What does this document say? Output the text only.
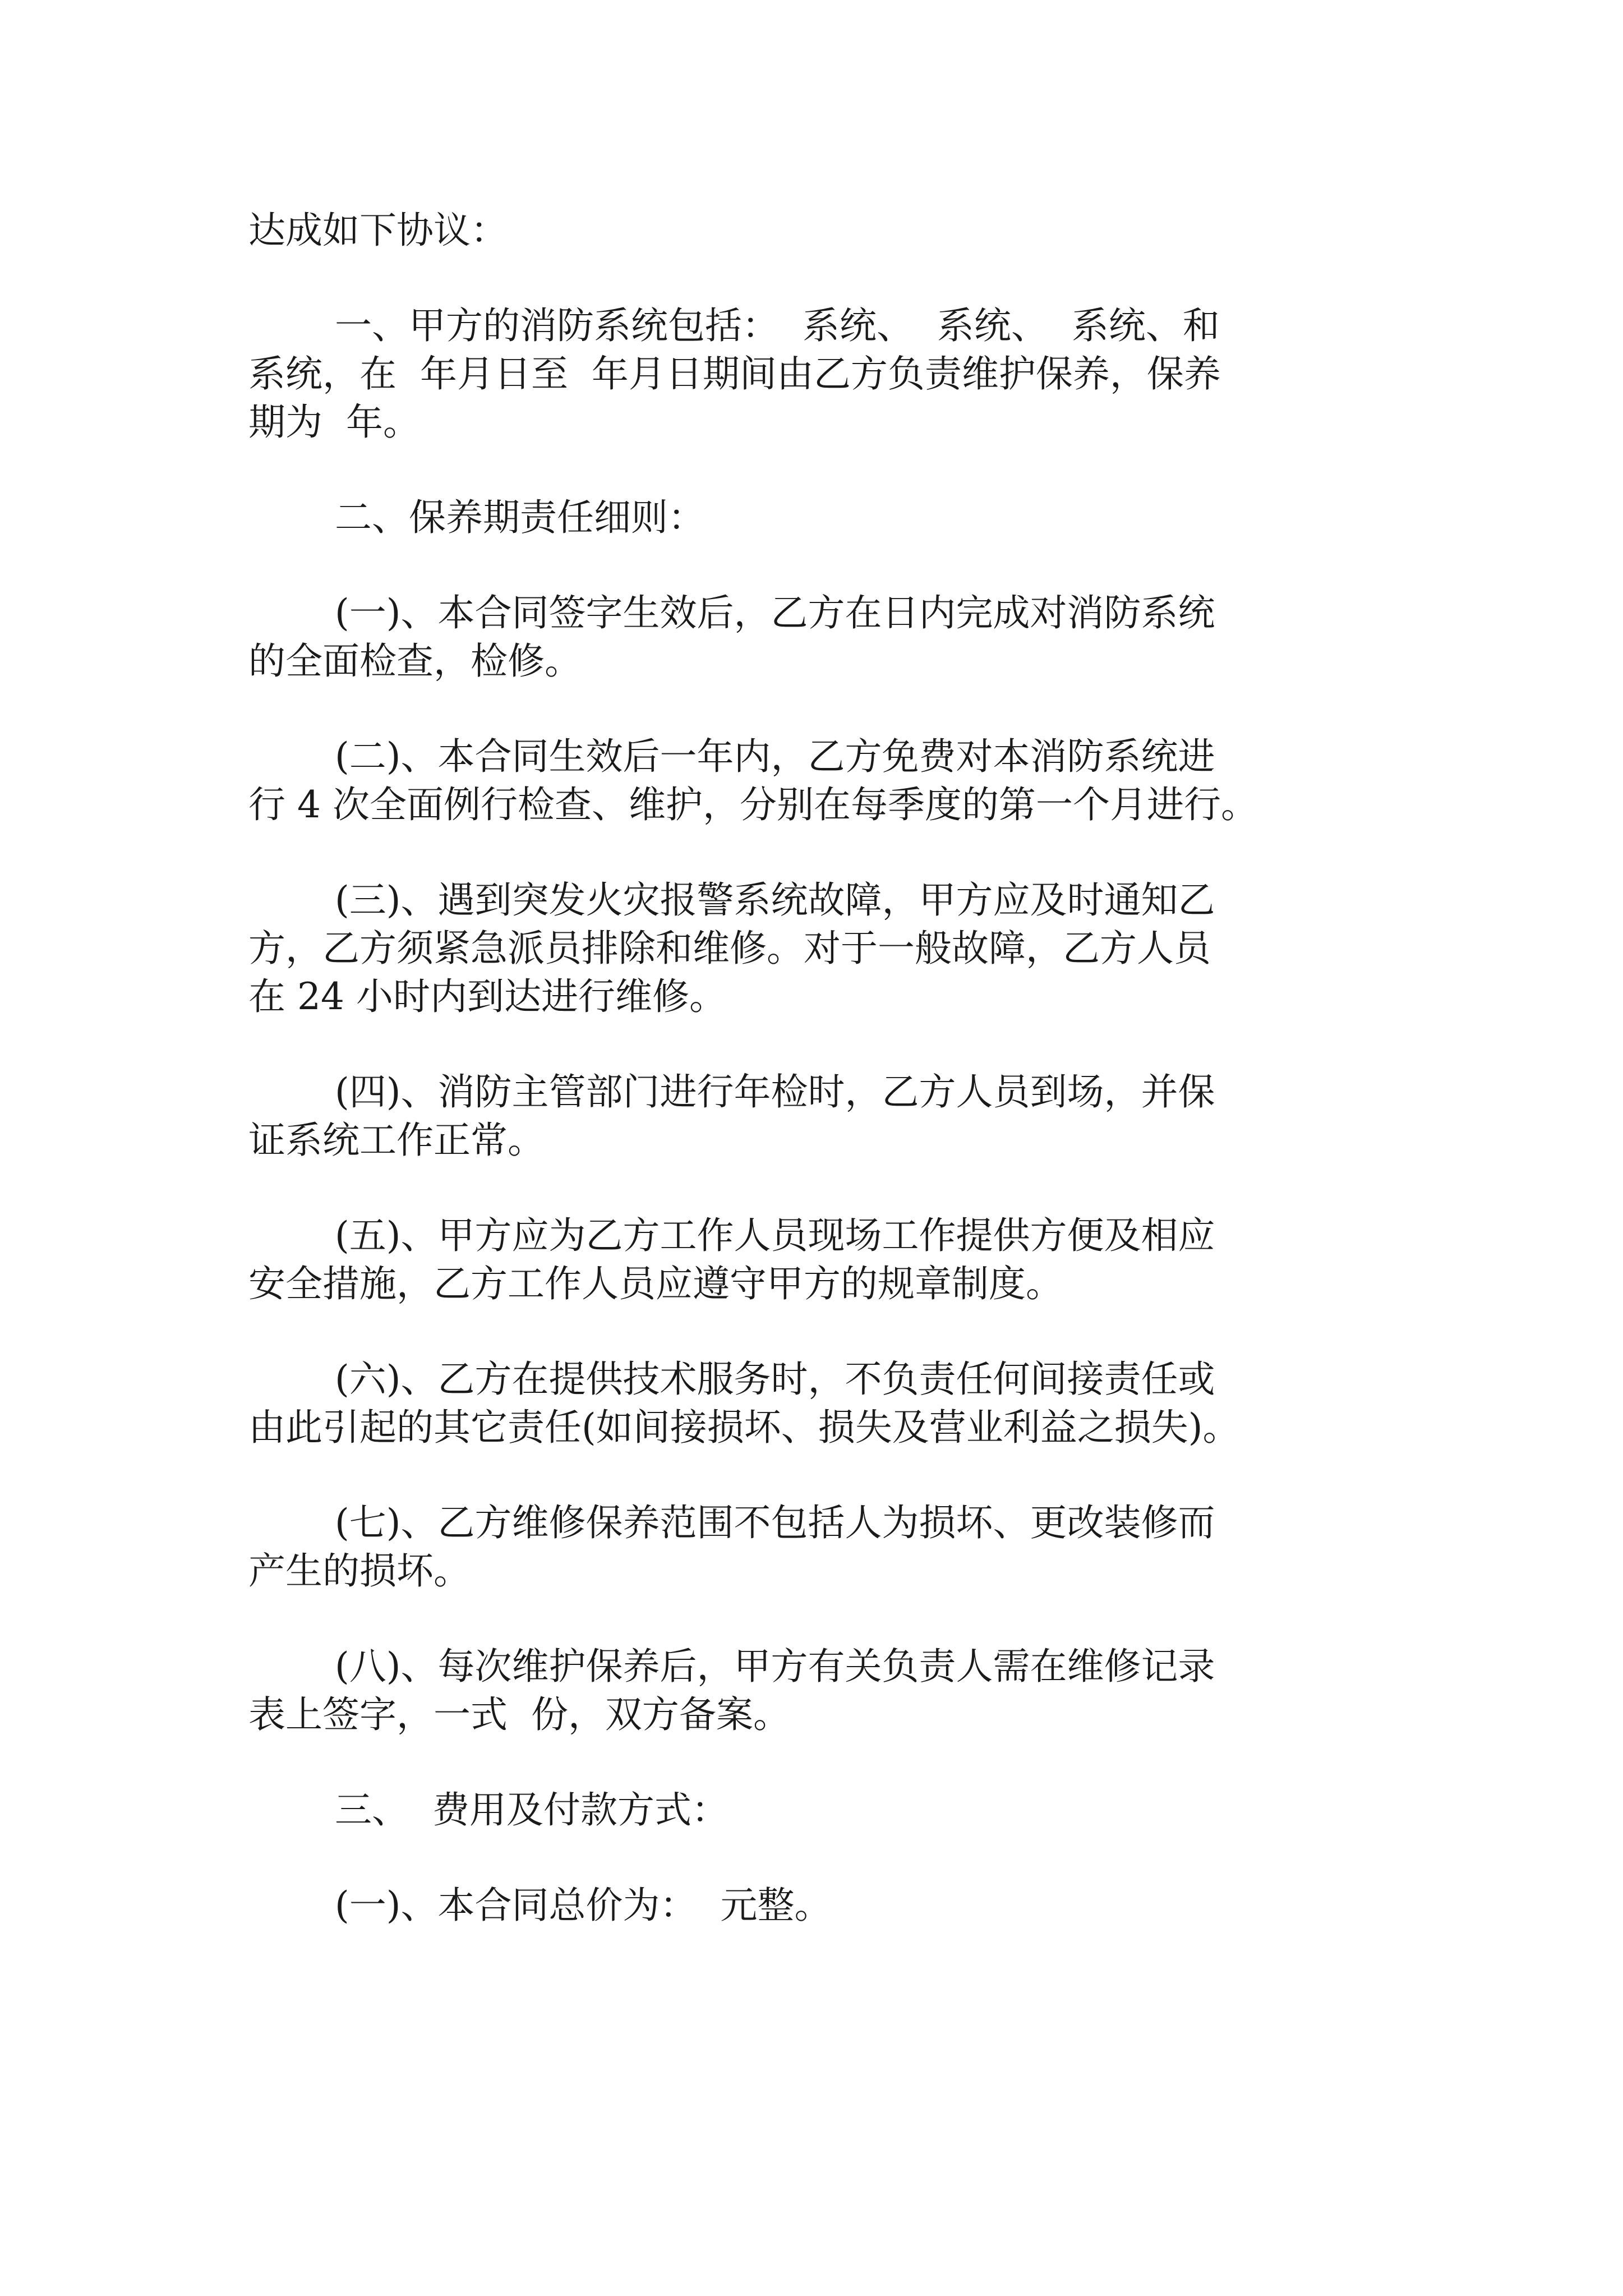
达成如下协议：

一、甲方的消防系统包括：  系统、  系统、  系统、和

系统，在  年月日至  年月日期间由乙方负责维护保养，保养

期为  年。

二、保养期责任细则：

(一)、本合同签字生效后，乙方在日内完成对消防系统

的全面检查，检修。

(二)、本合同生效后一年内，乙方免费对本消防系统进

行 4 次全面例行检查、维护，分别在每季度的第一个月进行。

(三)、遇到突发火灾报警系统故障，甲方应及时通知乙

方，乙方须紧急派员排除和维修。对于一般故障，乙方人员

在 24 小时内到达进行维修。

(四)、消防主管部门进行年检时，乙方人员到场，并保

证系统工作正常。

(五)、甲方应为乙方工作人员现场工作提供方便及相应

安全措施，乙方工作人员应遵守甲方的规章制度。

(六)、乙方在提供技术服务时，不负责任何间接责任或

由此引起的其它责任(如间接损坏、损失及营业利益之损失)。

(七)、乙方维修保养范围不包括人为损坏、更改装修而

产生的损坏。

(八)、每次维护保养后，甲方有关负责人需在维修记录

表上签字，一式  份，双方备案。

三、  费用及付款方式：

(一)、本合同总价为：  元整。
